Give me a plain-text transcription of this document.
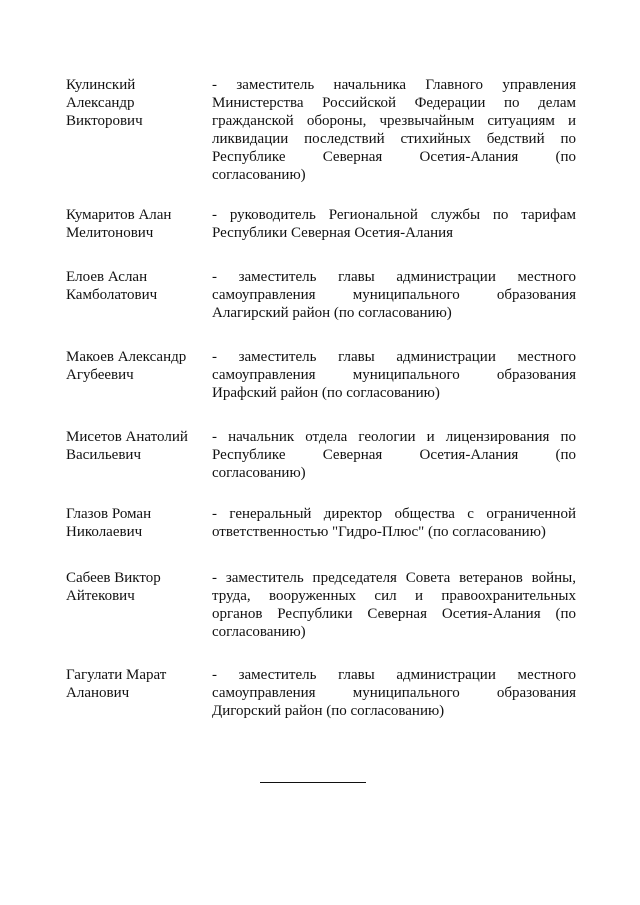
Кулинский
Александр
Викторович
- заместитель начальника Главного управления
Министерства Российской Федерации по делам
гражданской обороны, чрезвычайным ситуациям и
ликвидации последствий стихийных бедствий по
Республике Северная Осетия-Алания (по
согласованию)
Кумаритов Алан
Мелитонович
- руководитель Региональной службы по тарифам
Республики Северная Осетия-Алания
Елоев Аслан
Камболатович
- заместитель главы администрации местного
самоуправления муниципального образования
Алагирский район (по согласованию)
Макоев Александр
Агубеевич
- заместитель главы администрации местного
самоуправления муниципального образования
Ирафский район (по согласованию)
Мисетов Анатолий
Васильевич
- начальник отдела геологии и лицензирования по
Республике Северная Осетия-Алания (по
согласованию)
Глазов Роман
Николаевич
- генеральный директор общества с ограниченной
ответственностью "Гидро-Плюс" (по согласованию)
Сабеев Виктор
Айтекович
- заместитель председателя Совета ветеранов войны,
труда, вооруженных сил и правоохранительных
органов Республики Северная Осетия-Алания (по
согласованию)
Гагулати Марат
Аланович
- заместитель главы администрации местного
самоуправления муниципального образования
Дигорский район (по согласованию)
